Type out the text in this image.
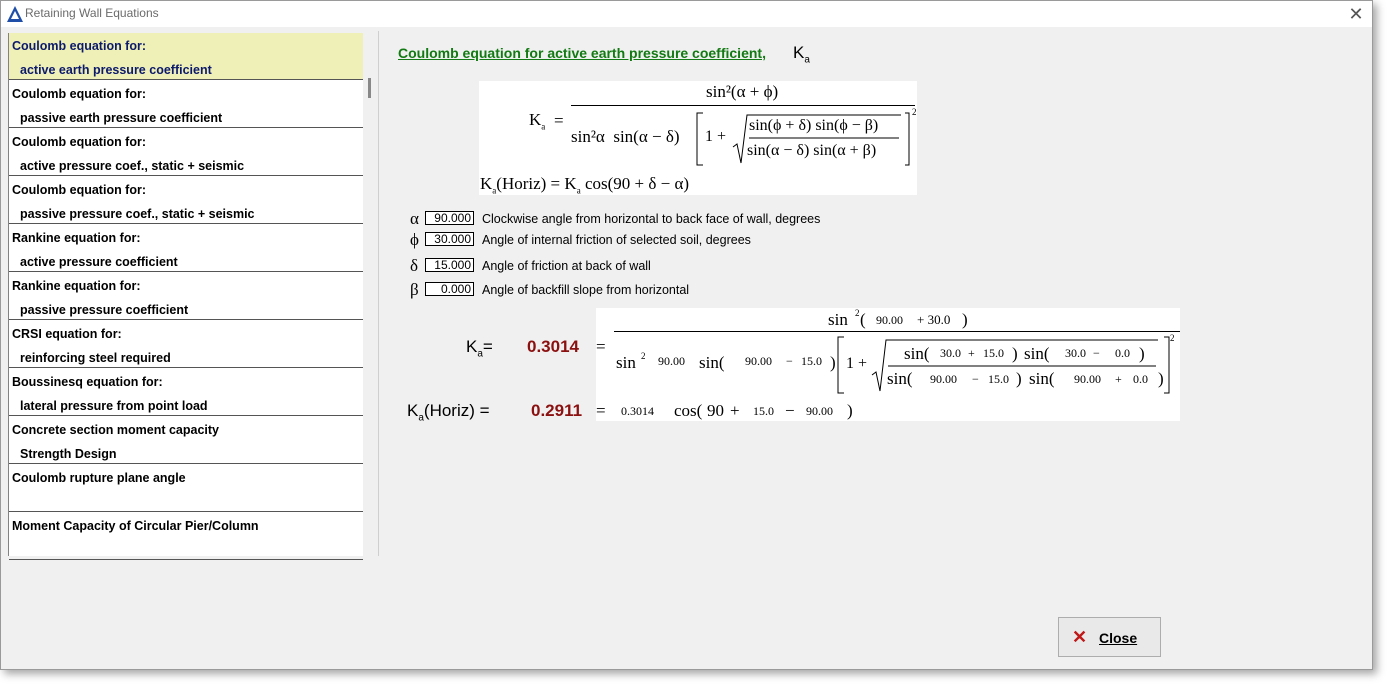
Retaining Wall Equations	✕
Coulomb equation for:
active earth pressure coefficient
Coulomb equation for:
passive earth pressure coefficient
Coulomb equation for:
active pressure coef., static + seismic
Coulomb equation for:
passive pressure coef., static + seismic
Rankine equation for:
active pressure coefficient
Rankine equation for:
passive pressure coefficient
CRSI equation for:
reinforcing steel required
Boussinesq equation for:
lateral pressure from point load
Concrete section moment capacity
Strength Design
Coulomb rupture plane angle
Moment Capacity of Circular Pier/Column
Coulomb equation for active earth pressure coefficient, $K_a$
$K_a$ =
sin²(α + ϕ)
sin²α  sin(α − δ) 1 +
sin(ϕ + δ) sin(ϕ − β)
sin(α − δ) sin(α + β)
2
$K_a(Horiz) = K_a$ cos(90 + δ − α)
α	90.000 Clockwise angle from horizontal to back face of wall, degrees
ϕ	30.000 Angle of internal friction of selected soil, degrees
δ	15.000 Angle of friction at back of wall
β	0.000 Angle of backfill slope from horizontal
$K_a= 0.3014$
$K_a(Horiz) = 0.2911$
=
sin 2 ( 90.00 + 30.0 )
sin 2 90.00 sin( 90.00 − 15.0 ) 1 +
sin( 30.0 + 15.0 ) sin( 30.0 − 0.0 )
sin( 90.00 − 15.0 ) sin( 90.00 + 0.0 )
2
= 0.3014 cos( 90 + 15.0 − 90.00 )
✕ Close
